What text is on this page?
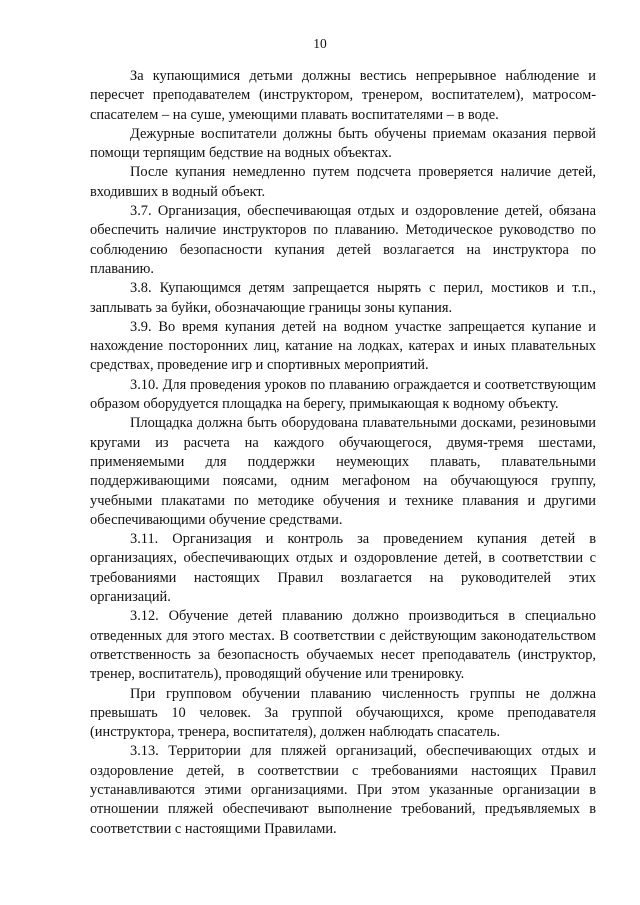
10

За купающимися детьми должны вестись непрерывное наблюдение и пересчет преподавателем (инструктором, тренером, воспитателем), матросом-спасателем – на суше, умеющими плавать воспитателями – в воде.

Дежурные воспитатели должны быть обучены приемам оказания первой помощи терпящим бедствие на водных объектах.

После купания немедленно путем подсчета проверяется наличие детей, входивших в водный объект.

3.7. Организация, обеспечивающая отдых и оздоровление детей, обязана обеспечить наличие инструкторов по плаванию. Методическое руководство по соблюдению безопасности купания детей возлагается на инструктора по плаванию.

3.8. Купающимся детям запрещается нырять с перил, мостиков и т.п., заплывать за буйки, обозначающие границы зоны купания.

3.9. Во время купания детей на водном участке запрещается купание и нахождение посторонних лиц, катание на лодках, катерах и иных плавательных средствах, проведение игр и спортивных мероприятий.

3.10. Для проведения уроков по плаванию ограждается и соответствующим образом оборудуется площадка на берегу, примыкающая к водному объекту.

Площадка должна быть оборудована плавательными досками, резиновыми кругами из расчета на каждого обучающегося, двумя-тремя шестами, применяемыми для поддержки неумеющих плавать, плавательными поддерживающими поясами, одним мегафоном на обучающуюся группу, учебными плакатами по методике обучения и технике плавания и другими обеспечивающими обучение средствами.

3.11. Организация и контроль за проведением купания детей в организациях, обеспечивающих отдых и оздоровление детей, в соответствии с требованиями настоящих Правил возлагается на руководителей этих организаций.

3.12. Обучение детей плаванию должно производиться в специально отведенных для этого местах. В соответствии с действующим законодательством ответственность за безопасность обучаемых несет преподаватель (инструктор, тренер, воспитатель), проводящий обучение или тренировку.

При групповом обучении плаванию численность группы не должна превышать 10 человек. За группой обучающихся, кроме преподавателя (инструктора, тренера, воспитателя), должен наблюдать спасатель.

3.13. Территории для пляжей организаций, обеспечивающих отдых и оздоровление детей, в соответствии с требованиями настоящих Правил устанавливаются этими организациями. При этом указанные организации в отношении пляжей обеспечивают выполнение требований, предъявляемых в соответствии с настоящими Правилами.
